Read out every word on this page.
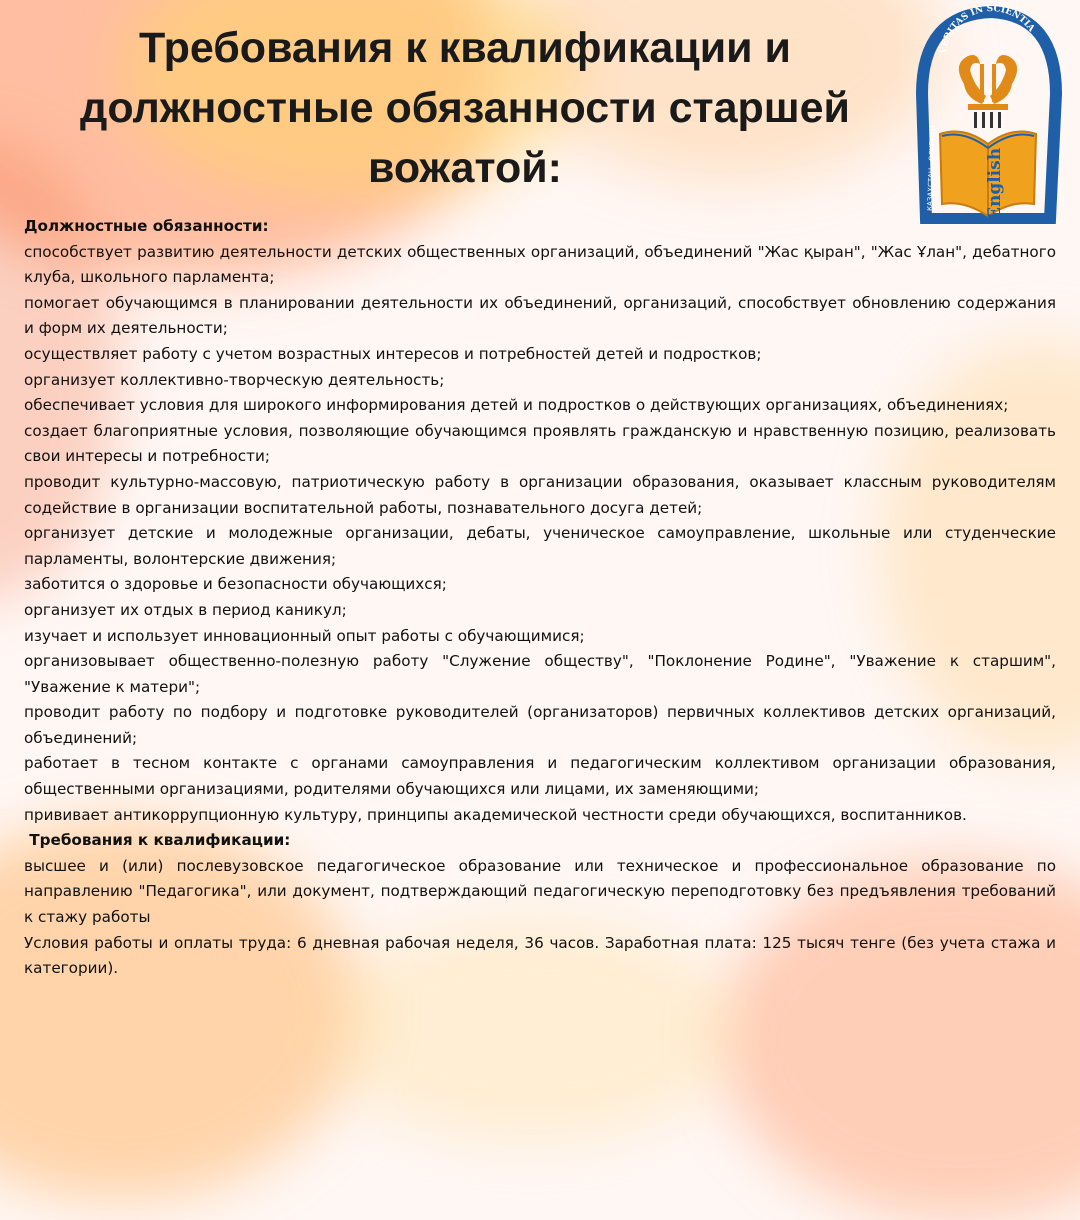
Требования к квалификации и
должностные обязанности старшей
вожатой:
VERITAS IN SCIENTIA
КАЗАХСТАН - ОСКЕМЕН	English

Должностные обязанности:

способствует развитию деятельности детских общественных организаций, объединений "Жас қыран", "Жас Ұлан", дебатного клуба, школьного парламента;

помогает обучающимся в планировании деятельности их объединений, организаций, способствует обновлению содержания и форм их деятельности;

осуществляет работу с учетом возрастных интересов и потребностей детей и подростков;

организует коллективно-творческую деятельность;

обеспечивает условия для широкого информирования детей и подростков о действующих организациях, объединениях;

создает благоприятные условия, позволяющие обучающимся проявлять гражданскую и нравственную позицию, реализовать свои интересы и потребности;

проводит культурно-массовую, патриотическую работу в организации образования, оказывает классным руководителям содействие в организации воспитательной работы, познавательного досуга детей;

организует детские и молодежные организации, дебаты, ученическое самоуправление, школьные или студенческие парламенты, волонтерские движения;

заботится о здоровье и безопасности обучающихся;

организует их отдых в период каникул;

изучает и использует инновационный опыт работы с обучающимися;

организовывает общественно-полезную работу "Служение обществу", "Поклонение Родине", "Уважение к старшим", "Уважение к матери";

проводит работу по подбору и подготовке руководителей (организаторов) первичных коллективов детских организаций, объединений;

работает в тесном контакте с органами самоуправления и педагогическим коллективом организации образования, общественными организациями, родителями обучающихся или лицами, их заменяющими;

прививает антикоррупционную культуру, принципы академической честности среди обучающихся, воспитанников.

Требования к квалификации:

высшее и (или) послевузовское педагогическое образование или техническое и профессиональное образование по направлению "Педагогика", или документ, подтверждающий педагогическую переподготовку без предъявления требований к стажу работы

Условия работы и оплаты труда: 6 дневная рабочая неделя, 36 часов. Заработная плата: 125 тысяч тенге (без учета стажа и категории).
